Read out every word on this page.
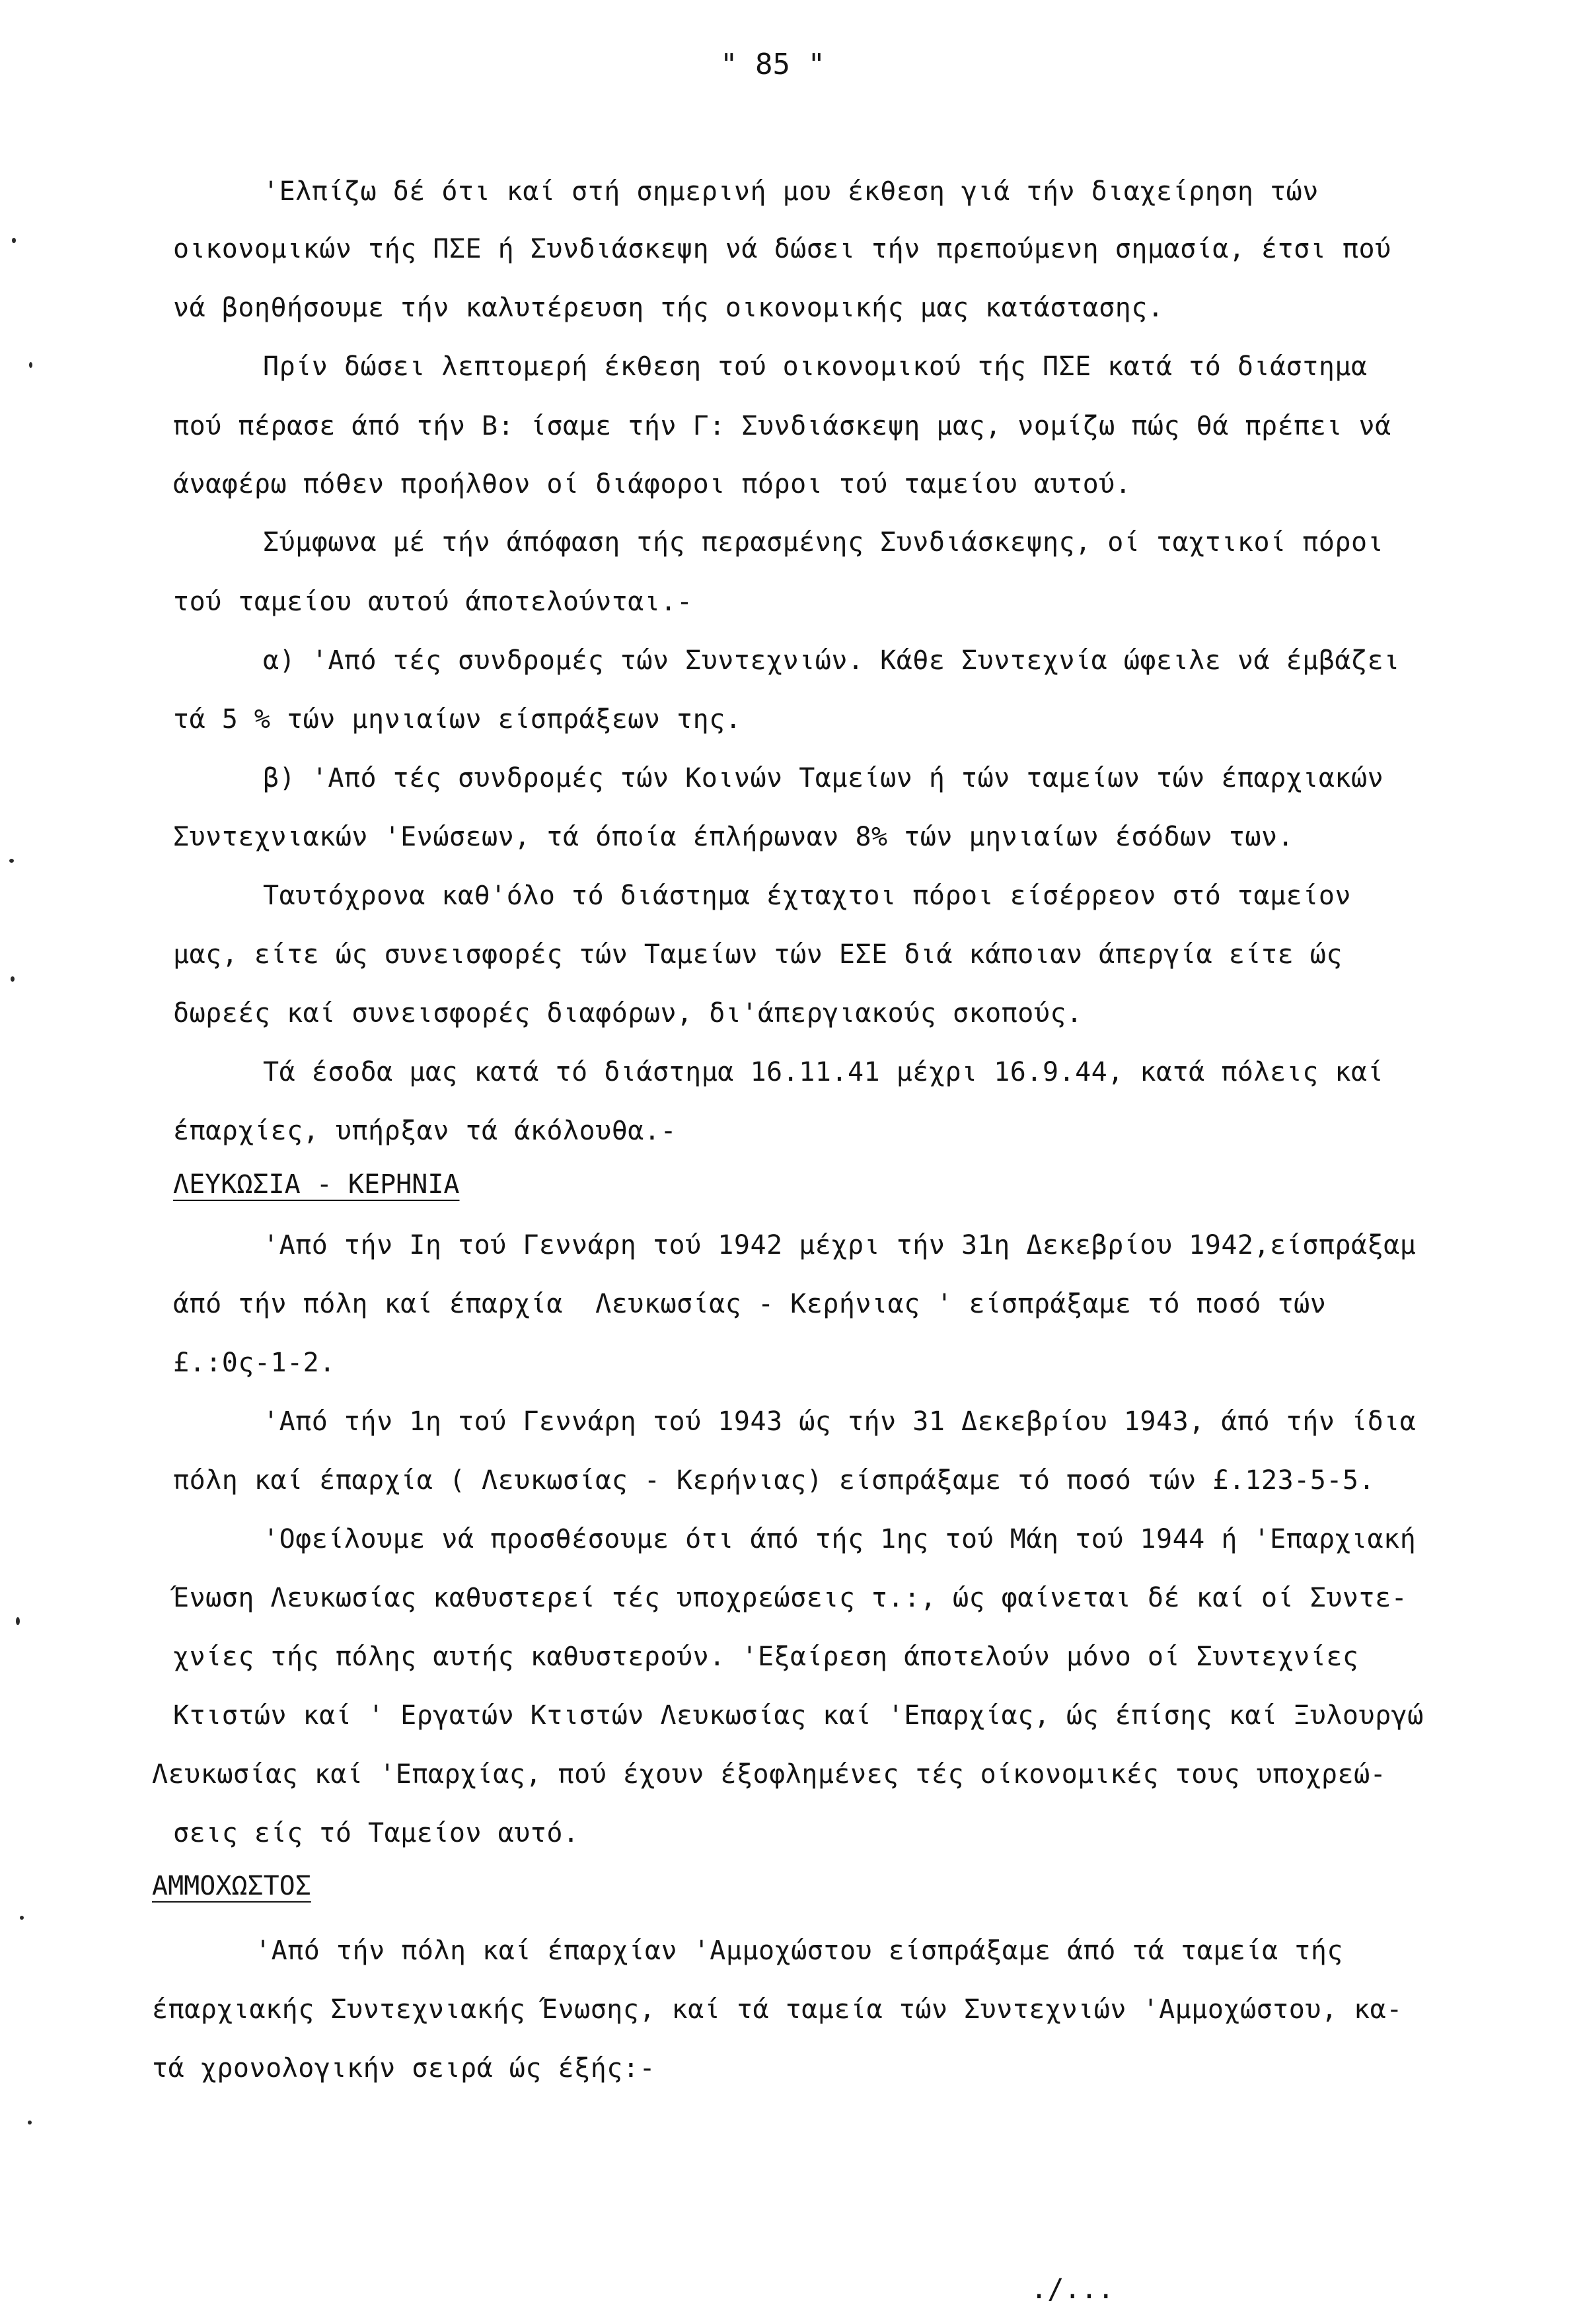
" 85 "
'Ελπίζω δέ ότι καί στή σημερινή μου έκθεση γιά τήν διαχείρηση τών
οικονομικών τής ΠΣΕ ή Συνδιάσκεψη νά δώσει τήν πρεπούμενη σημασία, έτσι πού
νά βοηθήσουμε τήν καλυτέρευση τής οικονομικής μας κατάστασης.
Πρίν δώσει λεπτομερή έκθεση τού οικονομικού τής ΠΣΕ κατά τό διάστημα
πού πέρασε άπό τήν Β: ίσαμε τήν Γ: Συνδιάσκεψη μας, νομίζω πώς θά πρέπει νά
άναφέρω πόθεν προήλθον οί διάφοροι πόροι τού ταμείου αυτού.
Σύμφωνα μέ τήν άπόφαση τής περασμένης Συνδιάσκεψης, οί ταχτικοί πόροι
τού ταμείου αυτού άποτελούνται.-
α) 'Από τές συνδρομές τών Συντεχνιών. Κάθε Συντεχνία ώφειλε νά έμβάζει
τά 5 % τών μηνιαίων είσπράξεων της.
β) 'Από τές συνδρομές τών Κοινών Ταμείων ή τών ταμείων τών έπαρχιακών
Συντεχνιακών 'Ενώσεων, τά όποία έπλήρωναν 8% τών μηνιαίων έσόδων των.
Ταυτόχρονα καθ'όλο τό διάστημα έχταχτοι πόροι είσέρρεον στό ταμείον
μας, είτε ώς συνεισφορές τών Ταμείων τών ΕΣΕ διά κάποιαν άπεργία είτε ώς
δωρεές καί συνεισφορές διαφόρων, δι'άπεργιακούς σκοπούς.
Τά έσοδα μας κατά τό διάστημα 16.11.41 μέχρι 16.9.44, κατά πόλεις καί
έπαρχίες, υπήρξαν τά άκόλουθα.-
ΛΕΥΚΩΣΙΑ - ΚΕΡΗΝΙΑ
'Από τήν Ιη τού Γεννάρη τού 1942 μέχρι τήν 31η Δεκεβρίου 1942,είσπράξαμ
άπό τήν πόλη καί έπαρχία  Λευκωσίας - Κερήνιας ' είσπράξαμε τό ποσό τών
£.:0ς-1-2.
'Από τήν 1η τού Γεννάρη τού 1943 ώς τήν 31 Δεκεβρίου 1943, άπό τήν ίδια
πόλη καί έπαρχία ( Λευκωσίας - Κερήνιας) είσπράξαμε τό ποσό τών £.123-5-5.
'Οφείλουμε νά προσθέσουμε ότι άπό τής 1ης τού Μάη τού 1944 ή 'Επαρχιακή
Ένωση Λευκωσίας καθυστερεί τές υποχρεώσεις τ.:, ώς φαίνεται δέ καί οί Συντε-
χνίες τής πόλης αυτής καθυστερούν. 'Εξαίρεση άποτελούν μόνο οί Συντεχνίες
Κτιστών καί ' Εργατών Κτιστών Λευκωσίας καί 'Επαρχίας, ώς έπίσης καί Ξυλουργώ
Λευκωσίας καί 'Επαρχίας, πού έχουν έξοφλημένες τές οίκονομικές τους υποχρεώ-
σεις είς τό Ταμείον αυτό.
ΑΜΜΟΧΩΣΤΟΣ
'Από τήν πόλη καί έπαρχίαν 'Αμμοχώστου είσπράξαμε άπό τά ταμεία τής
έπαρχιακής Συντεχνιακής Ένωσης, καί τά ταμεία τών Συντεχνιών 'Αμμοχώστου, κα-
τά χρονολογικήν σειρά ώς έξής:-
./...
